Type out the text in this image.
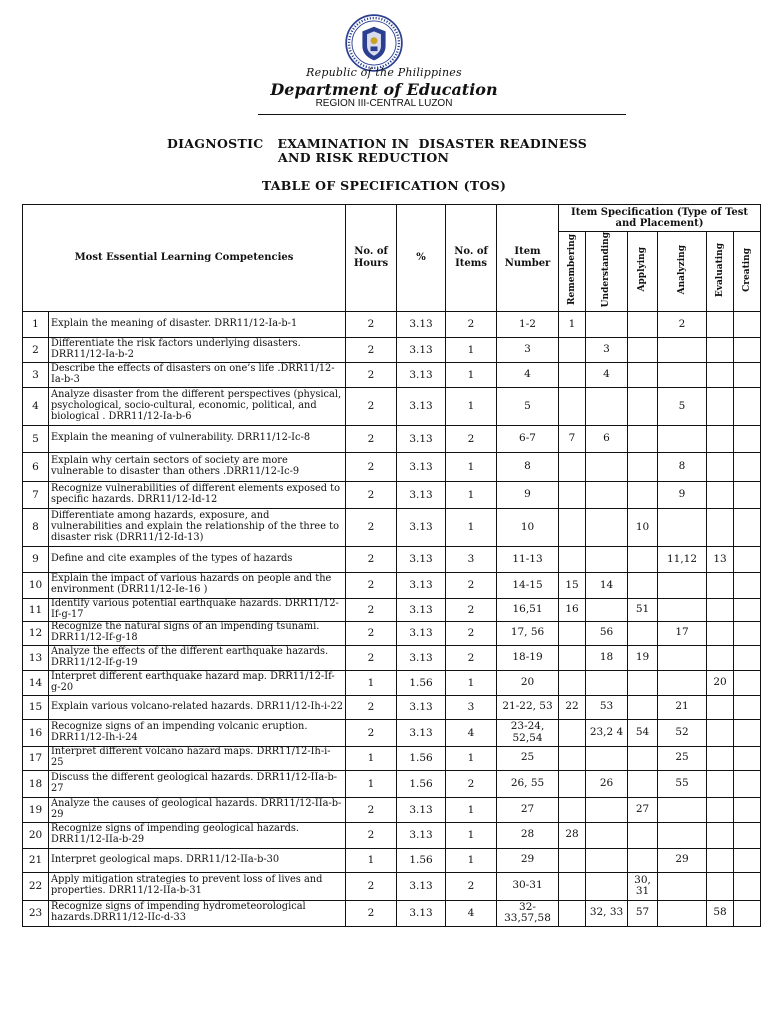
Republic of the Philippines
Department of Education
REGION III-CENTRAL LUZON
DIAGNOSTIC   EXAMINATION IN  DISASTER READINESS
AND RISK REDUCTION
TABLE OF SPECIFICATION (TOS)
Most Essential Learning Competencies		No. of Hours	%	No. of Items	Item Number	Item Specification (Type of Test and Placement)					
						Remembering	Understanding	Applying	Analyzing	Evaluating	Creating
1	Explain the meaning of disaster. DRR11/12-Ia-b-1	2	3.13	2	1-2	1			2		
2	Differentiate the risk factors underlying disasters. DRR11/12-Ia-b-2	2	3.13	1	3		3				
3	Describe the effects of disasters on one’s life .DRR11/12-Ia-b-3	2	3.13	1	4		4				
4	Analyze disaster from the different perspectives (physical, psychological, socio-cultural, economic, political, and biological . DRR11/12-Ia-b-6	2	3.13	1	5				5		
5	Explain the meaning of vulnerability. DRR11/12-Ic-8	2	3.13	2	6-7	7	6				
6	Explain why certain sectors of society are more vulnerable to disaster than others .DRR11/12-Ic-9	2	3.13	1	8				8		
7	Recognize vulnerabilities of different elements exposed to specific hazards. DRR11/12-Id-12	2	3.13	1	9				9		
8	Differentiate among hazards, exposure, and vulnerabilities and explain the relationship of the three to disaster risk (DRR11/12-Id-13)	2	3.13	1	10			10			
9	Define and cite examples of the types of hazards	2	3.13	3	11-13				11,12	13	
10	Explain the impact of various hazards on people and the environment (DRR11/12-Ie-16 )	2	3.13	2	14-15	15	14				
11	Identify various potential earthquake hazards. DRR11/12-If-g-17	2	3.13	2	16,51	16		51			
12	Recognize the natural signs of an impending tsunami. DRR11/12-If-g-18	2	3.13	2	17, 56		56		17		
13	Analyze the effects of the different earthquake hazards. DRR11/12-If-g-19	2	3.13	2	18-19		18	19			
14	Interpret different earthquake hazard map. DRR11/12-If-g-20	1	1.56	1	20					20	
15	Explain various volcano-related hazards. DRR11/12-Ih-i-22	2	3.13	3	21-22, 53	22	53		21		
16	Recognize signs of an impending volcanic eruption. DRR11/12-Ih-i-24	2	3.13	4	23-24, 52,54		23,2 4	54	52		
17	Interpret different volcano hazard maps. DRR11/12-Ih-i-25	1	1.56	1	25				25		
18	Discuss the different geological hazards. DRR11/12-IIa-b-27	1	1.56	2	26, 55		26		55		
19	Analyze the causes of geological hazards. DRR11/12-IIa-b-29	2	3.13	1	27			27			
20	Recognize signs of impending geological hazards. DRR11/12-IIa-b-29	2	3.13	1	28	28					
21	Interpret geological maps. DRR11/12-IIa-b-30	1	1.56	1	29				29		
22	Apply mitigation strategies to prevent loss of lives and properties. DRR11/12-IIa-b-31	2	3.13	2	30-31			30, 31			
23	Recognize signs of impending hydrometeorological hazards.DRR11/12-IIc-d-33	2	3.13	4	32-33,57,58		32, 33	57		58	
